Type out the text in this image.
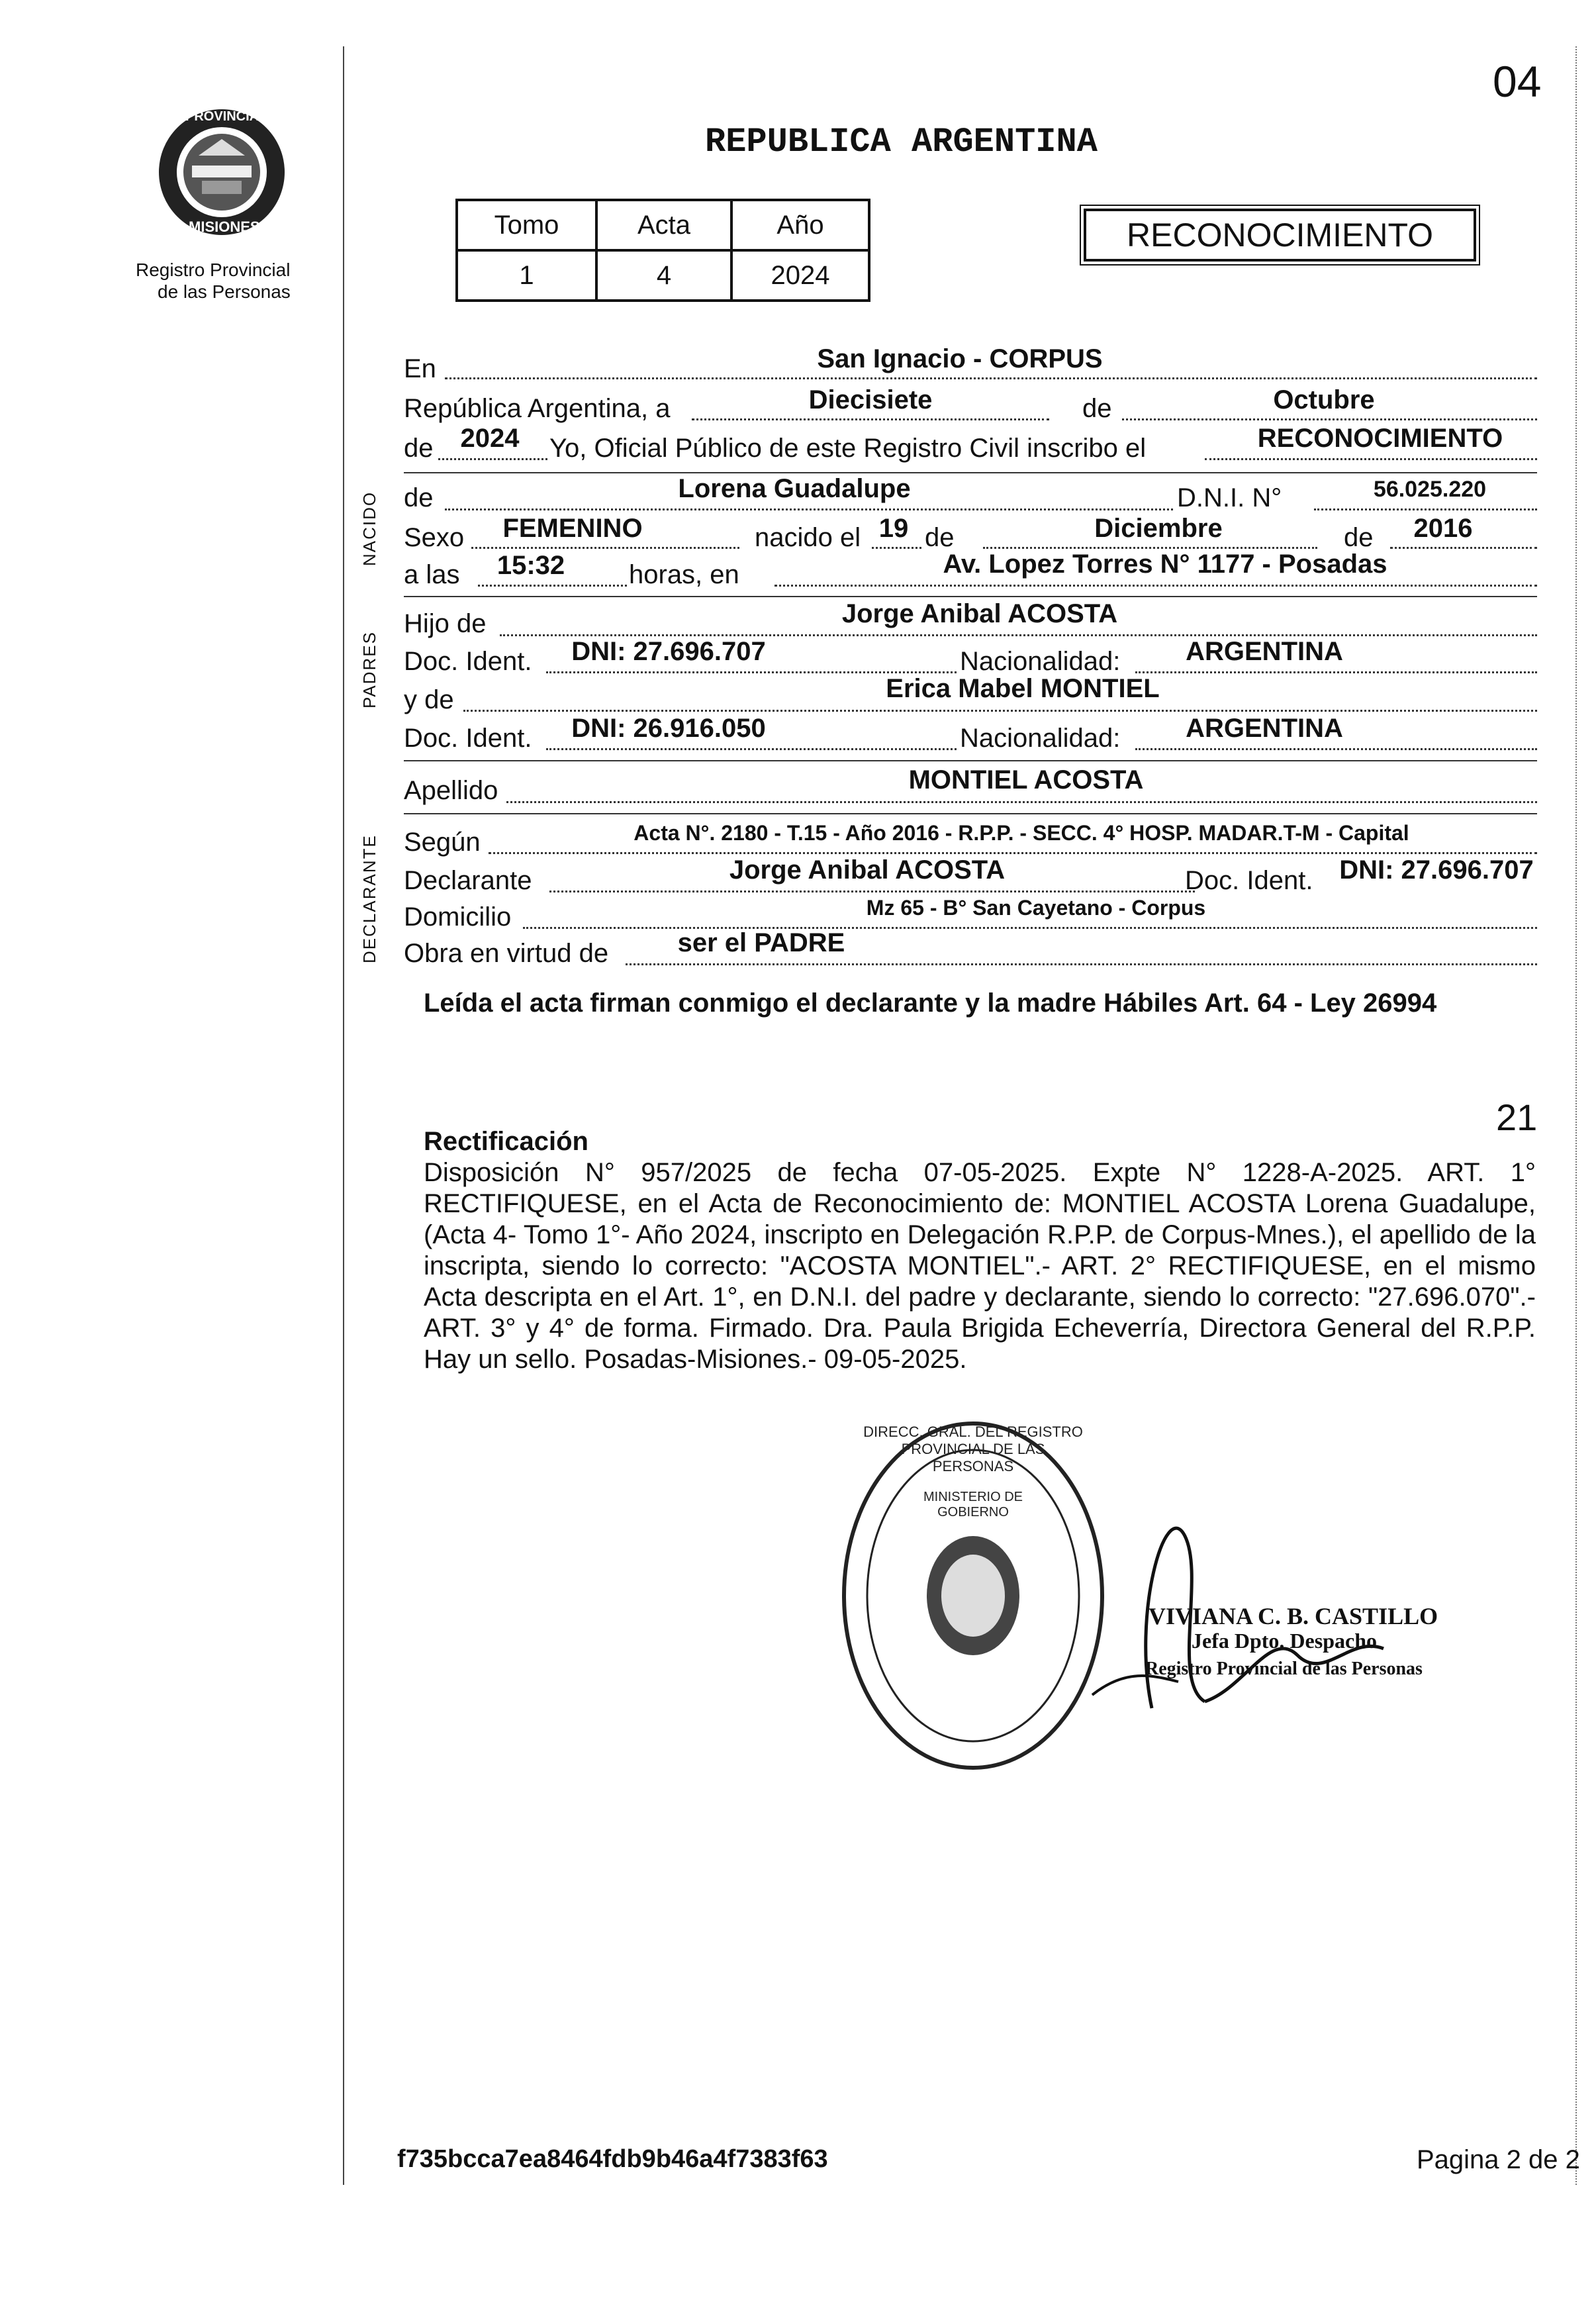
04
PROVINCIA DE
MISIONES
Registro Provincial
de las Personas
REPUBLICA ARGENTINA
Tomo	Acta	Año
1	4	2024
RECONOCIMIENTO
NACIDO
PADRES
DECLARANTE
En	San Ignacio - CORPUS
República Argentina, a	Diecisiete	de	Octubre
de	2024	Yo, Oficial Público de este Registro Civil inscribo el	RECONOCIMIENTO
de	Lorena Guadalupe	D.N.I. N°	56.025.220
Sexo	FEMENINO	nacido el 19 de	Diciembre	de	2016
a las	15:32	horas, en	Av. Lopez Torres N° 1177 - Posadas
Hijo de	Jorge Anibal ACOSTA
Doc. Ident.	DNI: 27.696.707	Nacionalidad:	ARGENTINA
y de	Erica Mabel MONTIEL
Doc. Ident.	DNI: 26.916.050	Nacionalidad:	ARGENTINA
Apellido	MONTIEL ACOSTA
Según	Acta N°. 2180 - T.15 - Año 2016 - R.P.P. - SECC. 4° HOSP. MADAR.T-M - Capital
Declarante	Jorge Anibal ACOSTA	Doc. Ident. DNI: 27.696.707
Domicilio	Mz 65 - B° San Cayetano - Corpus
Obra en virtud de	ser el PADRE
Leída el acta firman conmigo el declarante y la madre Hábiles Art. 64 - Ley 26994
21
Rectificación
Disposición N° 957/2025 de fecha 07-05-2025. Expte N° 1228-A-2025. ART. 1° RECTIFIQUESE, en el Acta de Reconocimiento de: MONTIEL ACOSTA Lorena Guadalupe, (Acta 4- Tomo 1°- Año 2024, inscripto en Delegación R.P.P. de Corpus-Mnes.), el apellido de la inscripta, siendo lo correcto: "ACOSTA MONTIEL".- ART. 2° RECTIFIQUESE, en el mismo Acta descripta en el Art. 1°, en D.N.I. del padre y declarante, siendo lo correcto: "27.696.070".- ART. 3° y 4° de forma. Firmado. Dra. Paula Brigida Echeverría, Directora General del R.P.P. Hay un sello. Posadas-Misiones.- 09-05-2025.
DIRECC. GRAL. DEL REGISTRO PROVINCIAL DE LAS PERSONAS
MINISTERIO DE GOBIERNO
VIVIANA C. B. CASTILLO
Jefa Dpto. Despacho
Registro Provincial de las Personas
f735bcca7ea8464fdb9b46a4f7383f63	Pagina 2 de 2
